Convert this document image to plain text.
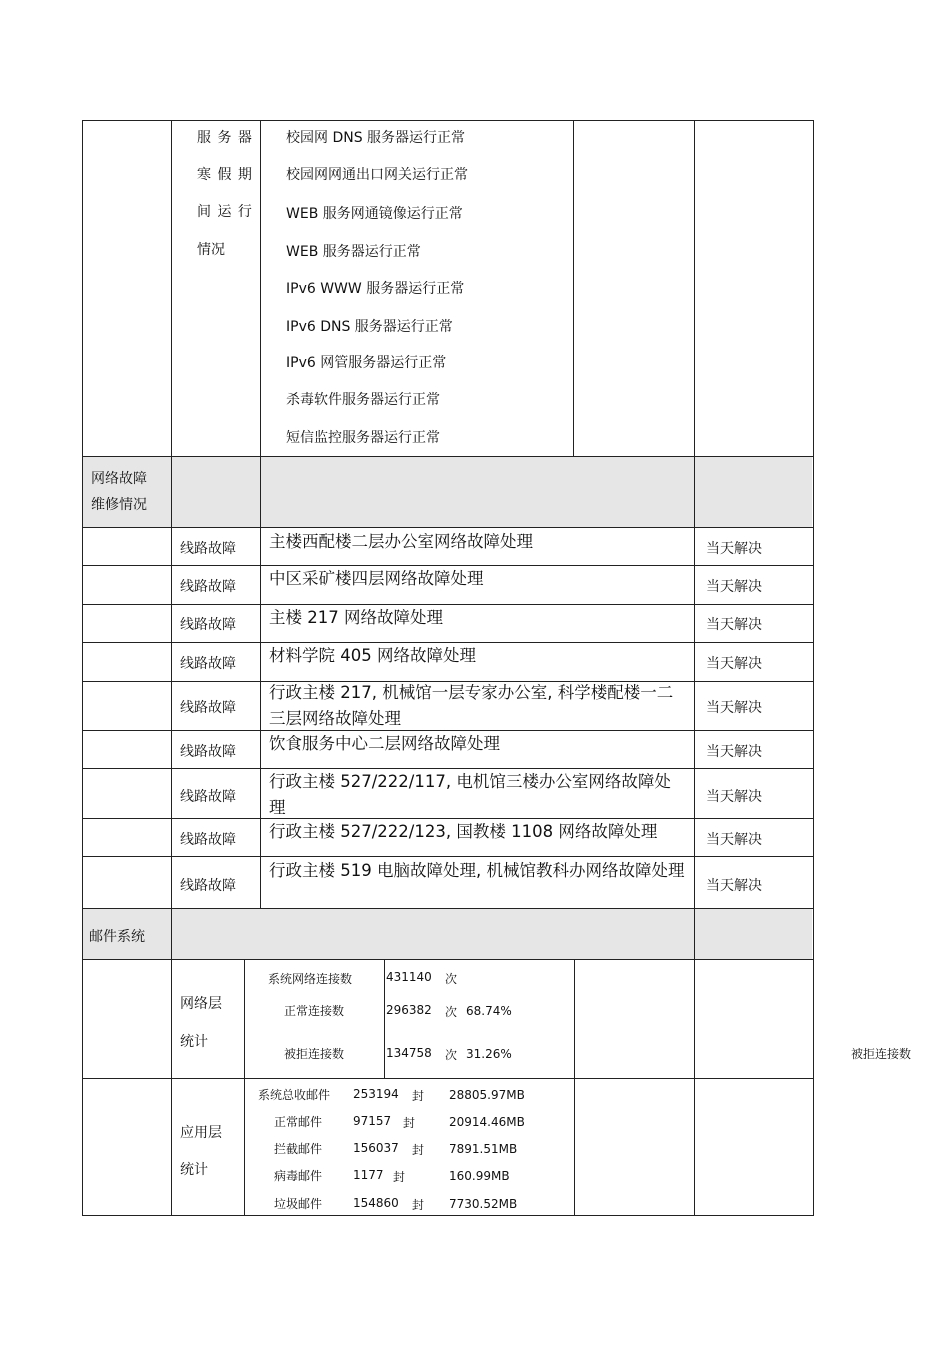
服 务 器
寒 假 期
间 运 行
情况
校园网 DNS 服务器运行正常
校园网网通出口网关运行正常
WEB 服务网通镜像运行正常
WEB 服务器运行正常
IPv6 WWW 服务器运行正常
IPv6 DNS 服务器运行正常
IPv6 网管服务器运行正常
杀毒软件服务器运行正常
短信监控服务器运行正常
网络故障
维修情况
线路故障 主楼西配楼二层办公室网络故障处理	当天解决
线路故障 中区采矿楼四层网络故障处理	当天解决
线路故障 主楼 217 网络故障处理	当天解决
线路故障 材料学院 405 网络故障处理	当天解决
线路故障
行政主楼 217, 机械馆一层专家办公室, 科学楼配楼一二三层网络故障处理
当天解决
线路故障 饮食服务中心二层网络故障处理	当天解决
线路故障
行政主楼 527/222/117, 电机馆三楼办公室网络故障处理
当天解决
线路故障 行政主楼 527/222/123, 国教楼 1108 网络故障处理	当天解决
线路故障
行政主楼 519 电脑故障处理, 机械馆教科办网络故障处理
当天解决
邮件系统
网络层
统计
系统网络连接数	431140 次
正常连接数	296382 次 68.74%
被拒连接数	134758 次 31.26%	被拒连接数
应用层
统计
系统总收邮件 253194 封 28805.97MB
正常邮件	97157 封	20914.46MB
拦截邮件	156037 封 7891.51MB
病毒邮件	1177 封	160.99MB
垃圾邮件	154860 封 7730.52MB
